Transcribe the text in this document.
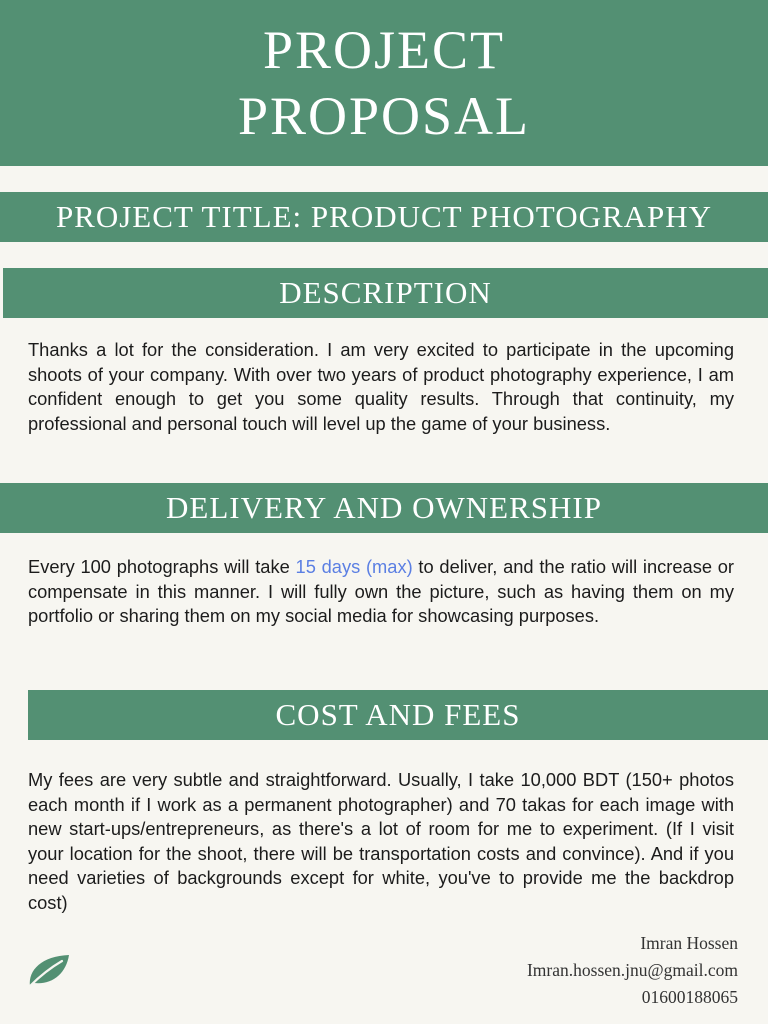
PROJECT
PROPOSAL
PROJECT TITLE: PRODUCT PHOTOGRAPHY
DESCRIPTION
Thanks a lot for the consideration. I am very excited to participate in the upcoming shoots of your company. With over two years of product photography experience, I am confident enough to get you some quality results. Through that continuity, my professional and personal touch will level up the game of your business.
DELIVERY AND OWNERSHIP
Every 100 photographs will take 15 days (max) to deliver, and the ratio will increase or compensate in this manner. I will fully own the picture, such as having them on my portfolio or sharing them on my social media for showcasing purposes.
COST AND FEES
My fees are very subtle and straightforward. Usually, I take 10,000 BDT (150+ photos each month if I work as a permanent photographer) and 70 takas for each image with new start-ups/entrepreneurs, as there's a lot of room for me to experiment. (If I visit your location for the shoot, there will be transportation costs and convince). And if you need varieties of backgrounds except for white, you've to provide me the backdrop cost)
Imran Hossen
Imran.hossen.jnu@gmail.com
01600188065
